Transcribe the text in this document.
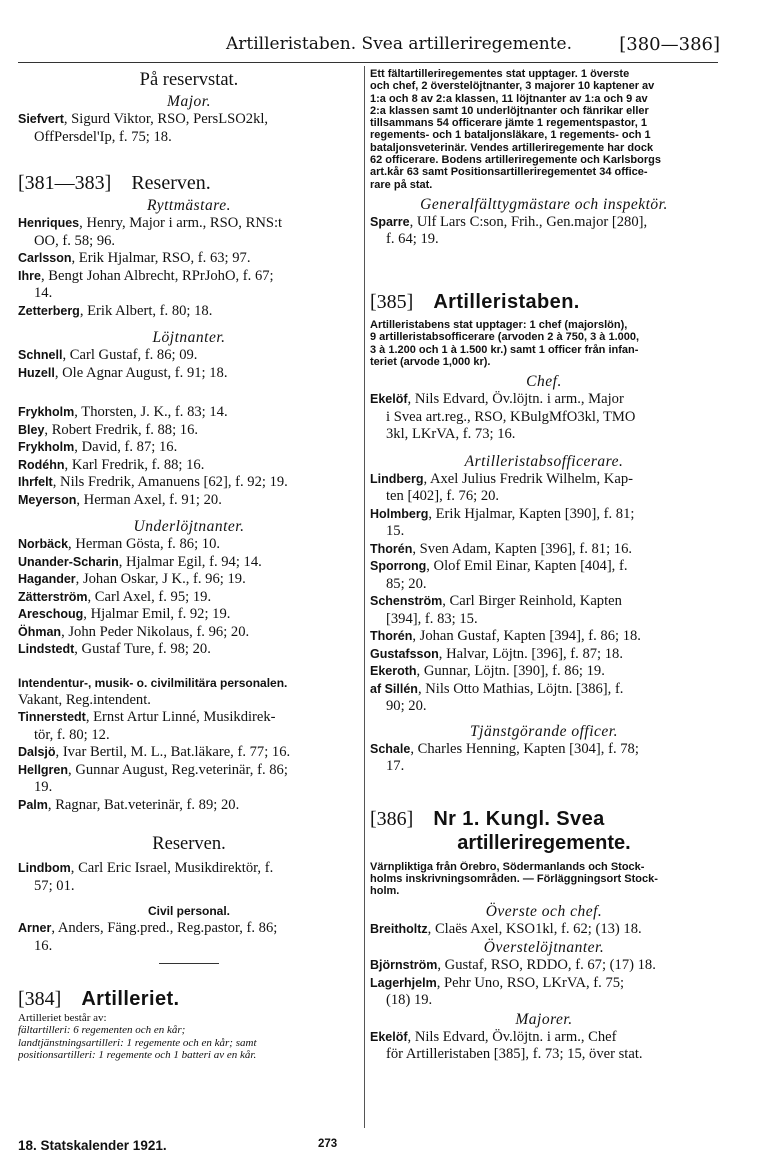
Artilleristaben. Svea artilleriregemente.	[380—386]
På reservstat.
Major.
Siefvert, Sigurd Viktor, RSO, PersLSO2kl,
OffPersdel'Ip, f. 75; 18.
[381—383] Reserven.
Ryttmästare.
Henriques, Henry, Major i arm., RSO, RNS:t
OO, f. 58; 96.
Carlsson, Erik Hjalmar, RSO, f. 63; 97.
Ihre, Bengt Johan Albrecht, RPrJohO, f. 67;
14.
Zetterberg, Erik Albert, f. 80; 18.
Löjtnanter.
Schnell, Carl Gustaf, f. 86; 09.
Huzell, Ole Agnar August, f. 91; 18.
Frykholm, Thorsten, J. K., f. 83; 14.
Bley, Robert Fredrik, f. 88; 16.
Frykholm, David, f. 87; 16.
Rodéhn, Karl Fredrik, f. 88; 16.
Ihrfelt, Nils Fredrik, Amanuens [62], f. 92; 19.
Meyerson, Herman Axel, f. 91; 20.
Underlöjtnanter.
Norbäck, Herman Gösta, f. 86; 10.
Unander-Scharin, Hjalmar Egil, f. 94; 14.
Hagander, Johan Oskar, J K., f. 96; 19.
Zätterström, Carl Axel, f. 95; 19.
Areschoug, Hjalmar Emil, f. 92; 19.
Öhman, John Peder Nikolaus, f. 96; 20.
Lindstedt, Gustaf Ture, f. 98; 20.
Intendentur-, musik- o. civilmilitära personalen.
Vakant, Reg.intendent.
Tinnerstedt, Ernst Artur Linné, Musikdirek-
tör, f. 80; 12.
Dalsjö, Ivar Bertil, M. L., Bat.läkare, f. 77; 16.
Hellgren, Gunnar August, Reg.veterinär, f. 86;
19.
Palm, Ragnar, Bat.veterinär, f. 89; 20.
Reserven.
Lindbom, Carl Eric Israel, Musikdirektör, f.
57; 01.
Civil personal.
Arner, Anders, Fäng.pred., Reg.pastor, f. 86;
16.
[384] Artilleriet.
Artilleriet består av:
fältartilleri: 6 regementen och en kår;
landtjänstningsartilleri: 1 regemente och en kår; samt
positionsartilleri: 1 regemente och 1 batteri av en kår.
Ett fältartilleriregementes stat upptager. 1 överste
och chef, 2 överstelöjtnanter, 3 majorer 10 kaptener av
1:a och 8 av 2:a klassen, 11 löjtnanter av 1:a och 9 av
2:a klassen samt 10 underlöjtnanter och fänrikar eller
tillsammans 54 officerare jämte 1 regementspastor, 1
regements- och 1 bataljonsläkare, 1 regements- och 1
bataljonsveterinär. Vendes artilleriregemente har dock
62 officerare. Bodens artilleriregemente och Karlsborgs
art.kår 63 samt Positionsartilleriregementet 34 office-
rare på stat.
Generalfälttygmästare och inspektör.
Sparre, Ulf Lars C:son, Frih., Gen.major [280],
f. 64; 19.
[385] Artilleristaben.
Artilleristabens stat upptager: 1 chef (majorslön),
9 artilleristabsofficerare (arvoden 2 à 750, 3 à 1.000,
3 à 1.200 och 1 à 1.500 kr.) samt 1 officer från infan-
teriet (arvode 1,000 kr).
Chef.
Ekelöf, Nils Edvard, Öv.löjtn. i arm., Major
i Svea art.reg., RSO, KBulgMfO3kl, TMO
3kl, LKrVA, f. 73; 16.
Artilleristabsofficerare.
Lindberg, Axel Julius Fredrik Wilhelm, Kap-
ten [402], f. 76; 20.
Holmberg, Erik Hjalmar, Kapten [390], f. 81;
15.
Thorén, Sven Adam, Kapten [396], f. 81; 16.
Sporrong, Olof Emil Einar, Kapten [404], f.
85; 20.
Schenström, Carl Birger Reinhold, Kapten
[394], f. 83; 15.
Thorén, Johan Gustaf, Kapten [394], f. 86; 18.
Gustafsson, Halvar, Löjtn. [396], f. 87; 18.
Ekeroth, Gunnar, Löjtn. [390], f. 86; 19.
af Sillén, Nils Otto Mathias, Löjtn. [386], f.
90; 20.
Tjänstgörande officer.
Schale, Charles Henning, Kapten [304], f. 78;
17.
[386] Nr 1. Kungl. Svea
artilleriregemente.
Värnpliktiga från Örebro, Södermanlands och Stock-
holms inskrivningsområden. — Förläggningsort Stock-
holm.
Överste och chef.
Breitholtz, Claës Axel, KSO1kl, f. 62; (13) 18.
Överstelöjtnanter.
Björnström, Gustaf, RSO, RDDO, f. 67; (17) 18.
Lagerhjelm, Pehr Uno, RSO, LKrVA, f. 75;
(18) 19.
Majorer.
Ekelöf, Nils Edvard, Öv.löjtn. i arm., Chef
för Artilleristaben [385], f. 73; 15, över stat.
18. Statskalender 1921.	273
